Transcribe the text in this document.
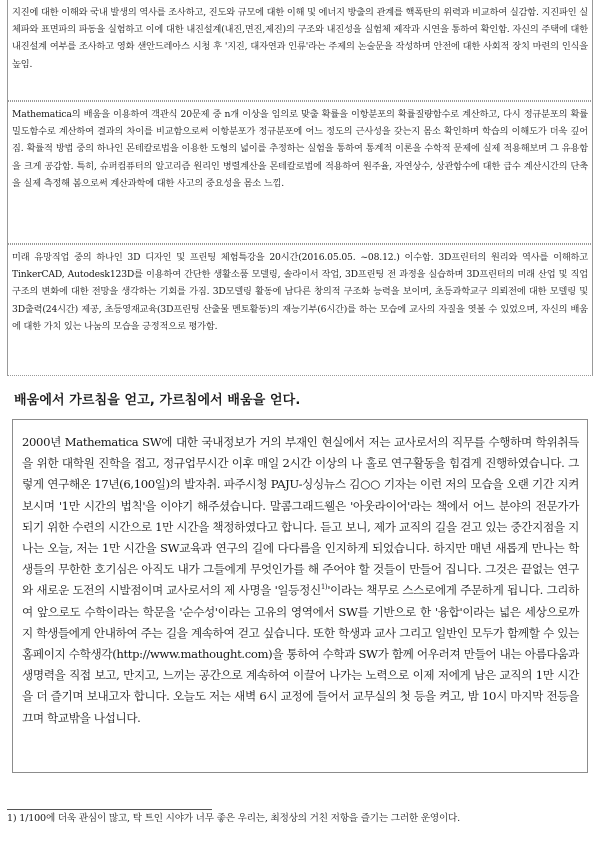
지진에 대한 이해와 국내 발생의 역사를 조사하고, 진도와 규모에 대한 이해 및 에너지 방출의 관계를 핵폭탄의 위력과 비교하여 실감함. 지진파인 실체파와 표면파의 파동을 실험하고 이에 대한 내진설계(내진,면진,제진)의 구조와 내진성을 실험체 제작과 시연을 통하여 확인함. 자신의 주택에 대한 내진설계 여부를 조사하고 영화 샌안드레아스 시청 후 '지진, 대자연과 인류'라는 주제의 논술문을 작성하며 안전에 대한 사회적 장치 마련의 인식을 높임.

Mathematica의 배움을 이용하여 객관식 20문제 중 n개 이상을 임의로 맞출 확률을 이항분포의 확률질량함수로 계산하고, 다시 정규분포의 확률밀도함수로 계산하여 결과의 차이를 비교함으로써 이항분포가 정규분포에 어느 정도의 근사성을 갖는지 몸소 확인하며 학습의 이해도가 더욱 깊어짐. 확률적 방법 중의 하나인 몬테칼로법을 이용한 도형의 넓이를 추정하는 실험을 통하여 통계적 이론을 수학적 문제에 실제 적용해보며 그 유용함을 크게 공감함. 특히, 슈퍼컴퓨터의 알고리즘 원리인 병렬계산을 몬테칼로법에 적용하여 원주율, 자연상수, 상관함수에 대한 급수 계산시간의 단축을 실제 측정해 봄으로써 계산과학에 대한 사고의 중요성을 몸소 느낌.

미래 유망직업 중의 하나인 3D 디자인 및 프린팅 체험특강을 20시간(2016.05.05. ~08.12.) 이수함. 3D프린터의 원리와 역사를 이해하고 TinkerCAD, Autodesk123D를 이용하여 간단한 생활소품 모델링, 솔라이서 작업, 3D프린팅 전 과정을 실습하며 3D프린터의 미래 산업 및 직업구조의 변화에 대한 전망을 생각하는 기회를 가짐. 3D모델링 활동에 남다른 창의적 구조화 능력을 보이며, 초등과학교구 의뢰전에 대한 모델링 및 3D출력(24시간) 제공, 초등영재교육(3D프린팅 산출물 멘토활동)의 재능기부(6시간)를 하는 모습에 교사의 자질을 엿볼 수 있었으며, 자신의 배움에 대한 가치 있는 나눔의 모습을 긍정적으로 평가함.

배움에서 가르침을 얻고, 가르침에서 배움을 얻다.

2000년 Mathematica SW에 대한 국내정보가 거의 부재인 현실에서 저는 교사로서의 직무를 수행하며 학위취득을 위한 대학원 진학을 접고, 정규업무시간 이후 매일 2시간 이상의 나 홀로 연구활동을 힘겹게 진행하였습니다. 그렇게 연구해온 17년(6,100일)의 발자취. 파주시청 PAJU-싱싱뉴스 김○○ 기자는 이런 저의 모습을 오랜 기간 지켜보시며 '1만 시간의 법칙'을 이야기 해주셨습니다. 말콤그래드웰은 '아웃라이어'라는 책에서 어느 분야의 전문가가 되기 위한 수련의 시간으로 1만 시간을 책정하였다고 합니다. 듣고 보니, 제가 교직의 길을 걷고 있는 중간지점을 지나는 오늘, 저는 1만 시간을 SW교육과 연구의 길에 다다름을 인지하게 되었습니다. 하지만 매년 새롭게 만나는 학생들의 무한한 호기심은 아직도 내가 그들에게 무엇인가를 해 주어야 할 것들이 만들어 집니다. 그것은 끝없는 연구와 새로운 도전의 시발점이며 교사로서의 제 사명을 '일등정신$^{1)}$'이라는 책무로 스스로에게 주문하게 됩니다. 그리하여 앞으로도 수학이라는 학문을 '순수성'이라는 고유의 영역에서 SW를 기반으로 한 '융합'이라는 넓은 세상으로까지 학생들에게 안내하여 주는 길을 계속하여 걷고 싶습니다. 또한 학생과 교사 그리고 일반인 모두가 함께할 수 있는 홈페이지 수학생각(http://www.mathought.com)을 통하여 수학과 SW가 함께 어우러져 만들어 내는 아름다움과 생명력을 직접 보고, 만지고, 느끼는 공간으로 계속하여 이끌어 나가는 노력으로 이제 저에게 남은 교직의 1만 시간을 더 즐기며 보내고자 합니다. 오늘도 저는 새벽 6시 교정에 들어서 교무실의 첫 등을 켜고, 밤 10시 마지막 전등을 끄며 학교밖을 나섭니다.

1) 1/100에 더욱 관심이 많고, 탁 트인 시야가 너무 좋은 우리는, 최정상의 거친 저항을 즐기는 그러한 운영이다.
